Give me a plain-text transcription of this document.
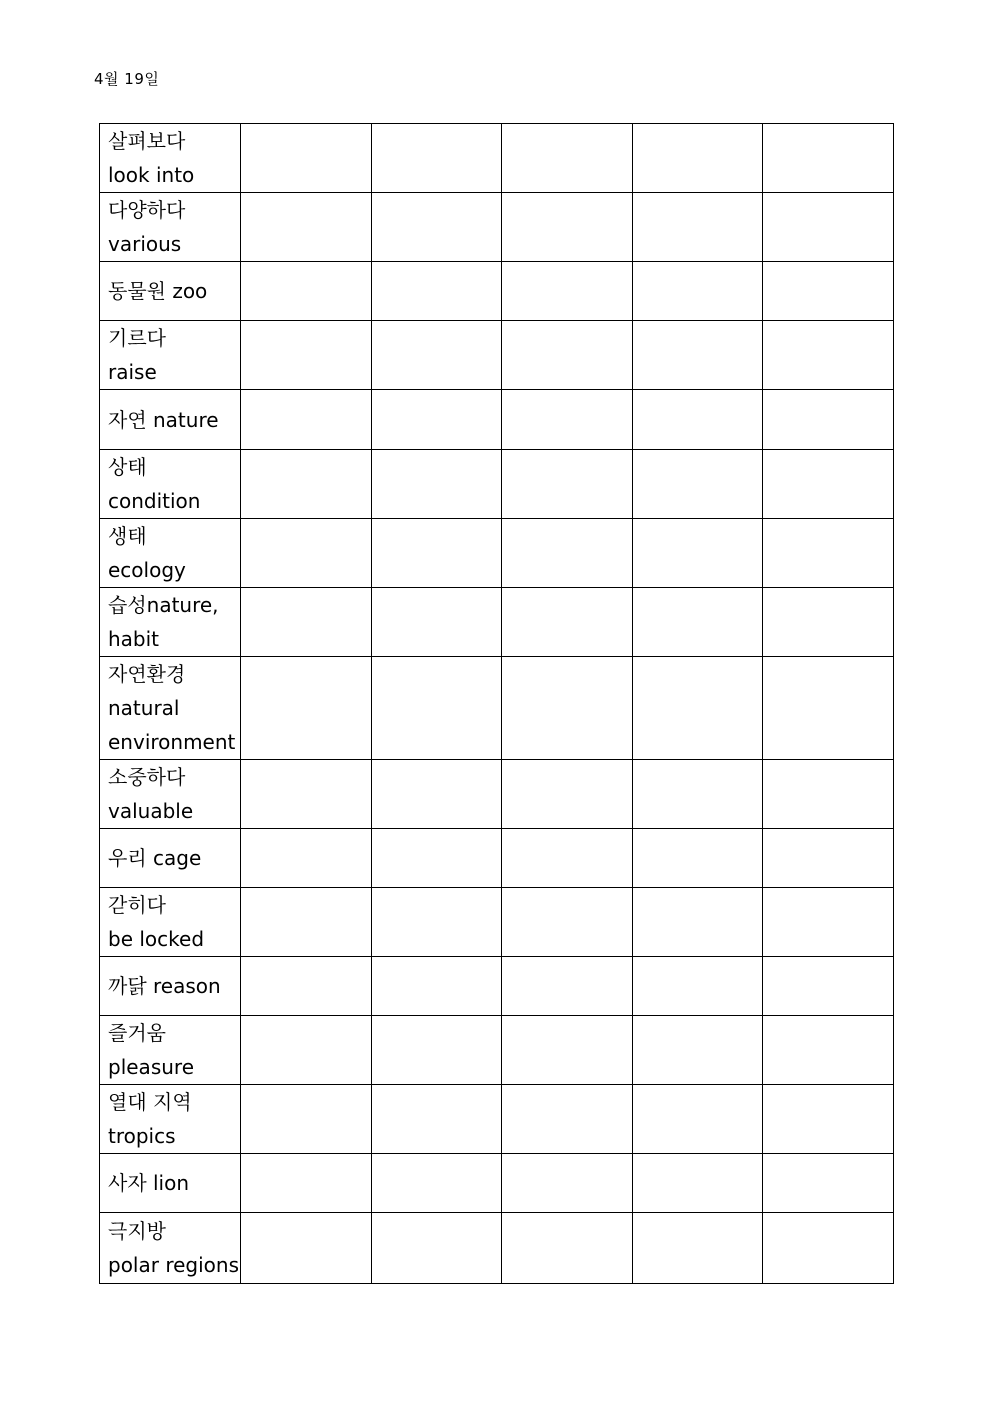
4월 19일
살펴보다
look into					

다양하다
various					

동물원 zoo					

기르다
raise					

자연 nature					

상태
condition					

생태
ecology					

습성nature,
habit					

자연환경
natural
environment					

소중하다
valuable					

우리 cage					

갇히다
be locked					

까닭 reason					

즐거움
pleasure					

열대 지역
tropics					

사자 lion					

극지방
polar regions					
